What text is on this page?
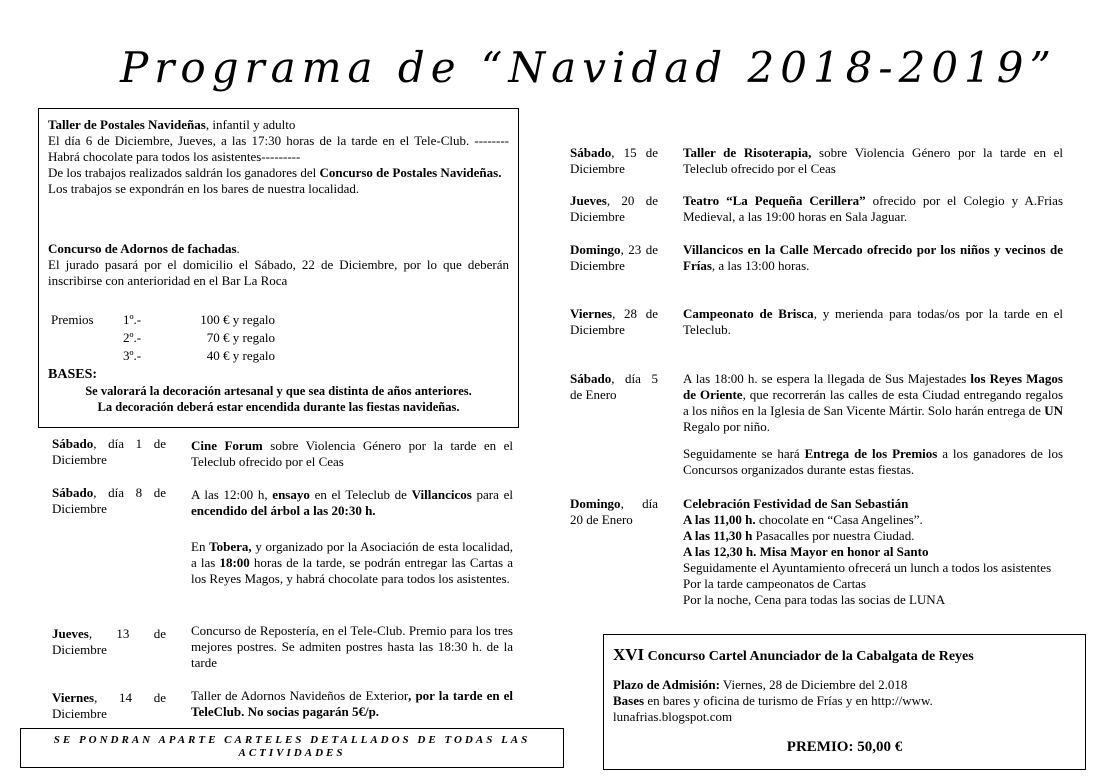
Programa de “Navidad 2018-2019”
Taller de Postales Navideñas, infantil y adulto
El día 6 de Diciembre, Jueves, a las 17:30 horas de la tarde en el Tele-Club. --------Habrá chocolate para todos los asistentes---------
De los trabajos realizados saldrán los ganadores del Concurso de Postales Navideñas.
Los trabajos se expondrán en los bares de nuestra localidad.
Concurso de Adornos de fachadas.
El jurado pasará por el domicilio el Sábado, 22 de Diciembre, por lo que deberán inscribirse con anterioridad en el Bar La Roca
Premios	1º.-	100 € y regalo
	2º.-	70 € y regalo
	3º.-	40 € y regalo
BASES:
Se valorará la decoración artesanal y que sea distinta de años anteriores.
La decoración deberá estar encendida durante las fiestas navideñas.
Sábado, día 1 de Diciembre
Cine Forum sobre Violencia Género por la tarde en el Teleclub ofrecido por el Ceas
Sábado, día 8 de Diciembre
A las 12:00 h, ensayo en el Teleclub de Villancicos para el encendido del árbol a las 20:30 h.
En Tobera, y organizado por la Asociación de esta localidad, a las 18:00 horas de la tarde, se podrán entregar las Cartas a los Reyes Magos, y habrá chocolate para todos los asistentes.
Jueves, 13 de Diciembre
Concurso de Repostería, en el Tele-Club. Premio para los tres mejores postres. Se admiten postres hasta las 18:30 h. de la tarde
Viernes, 14 de Diciembre
Taller de Adornos Navideños de Exterior, por la tarde en el TeleClub. No socias pagarán 5€/p.
SE PONDRAN APARTE CARTELES DETALLADOS DE TODAS LAS ACTIVIDADES
Sábado, 15 de Diciembre
Taller de Risoterapia, sobre Violencia Género por la tarde en el Teleclub ofrecido por el Ceas
Jueves, 20 de Diciembre
Teatro “La Pequeña Cerillera” ofrecido por el Colegio y A.Frias Medieval, a las 19:00 horas en Sala Jaguar.
Domingo, 23 de Diciembre
Villancicos en la Calle Mercado ofrecido por los niños y vecinos de Frías, a las 13:00 horas.
Viernes, 28 de Diciembre
Campeonato de Brisca, y merienda para todas/os por la tarde en el Teleclub.
Sábado, día 5 de Enero
A las 18:00 h. se espera la llegada de Sus Majestades los Reyes Magos de Oriente, que recorrerán las calles de esta Ciudad entregando regalos a los niños en la Iglesia de San Vicente Mártir. Solo harán entrega de UN Regalo por niño.
Seguidamente se hará Entrega de los Premios a los ganadores de los Concursos organizados durante estas fiestas.
Domingo, día 20 de Enero
Celebración Festividad de San Sebastián
A las 11,00 h. chocolate en “Casa Angelines”.
A las 11,30 h Pasacalles por nuestra Ciudad.
A las 12,30 h. Misa Mayor en honor al Santo
Seguidamente el Ayuntamiento ofrecerá un lunch a todos los asistentes
Por la tarde campeonatos de Cartas
Por la noche, Cena para todas las socias de LUNA
XVI Concurso Cartel Anunciador de la Cabalgata de Reyes
Plazo de Admisión: Viernes, 28 de Diciembre del 2.018
Bases en bares y oficina de turismo de Frías y en http://www. lunafrias.blogspot.com
PREMIO: 50,00 €
